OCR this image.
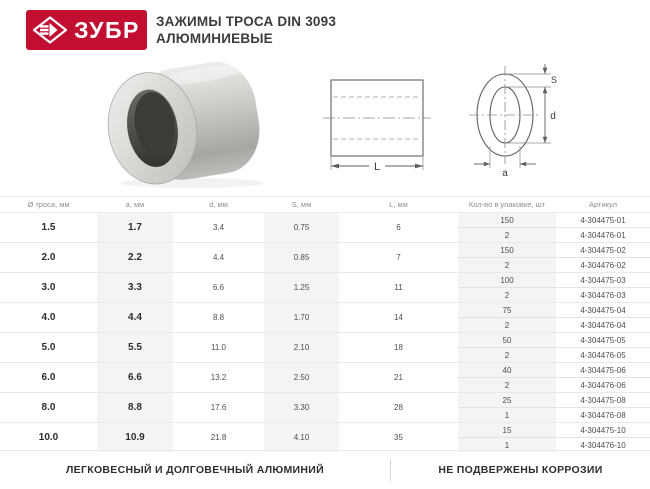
ЗУБР ЗАЖИМЫ ТРОСА DIN 3093
АЛЮМИНИЕВЫЕ
L
S
d
a
Ø троса, мм	a, мм	d, мм	S, мм	L, мм	Кол-во в упаковке, шт	Артикул
1.5	1.7	3.4	0.75	6	150	4-304475-01
					2	4-304476-01
2.0	2.2	4.4	0.85	7	150	4-304475-02
					2	4-304476-02
3.0	3.3	6.6	1.25	11	100	4-304475-03
					2	4-304476-03
4.0	4.4	8.8	1.70	14	75	4-304475-04
					2	4-304476-04
5.0	5.5	11.0	2.10	18	50	4-304475-05
					2	4-304476-05
6.0	6.6	13.2	2.50	21	40	4-304475-06
					2	4-304476-06
8.0	8.8	17.6	3.30	28	25	4-304475-08
					1	4-304476-08
10.0	10.9	21.8	4.10	35	15	4-304475-10
					1	4-304476-10
ЛЕГКОВЕСНЫЙ И ДОЛГОВЕЧНЫЙ АЛЮМИНИЙ	НЕ ПОДВЕРЖЕНЫ КОРРОЗИИ
